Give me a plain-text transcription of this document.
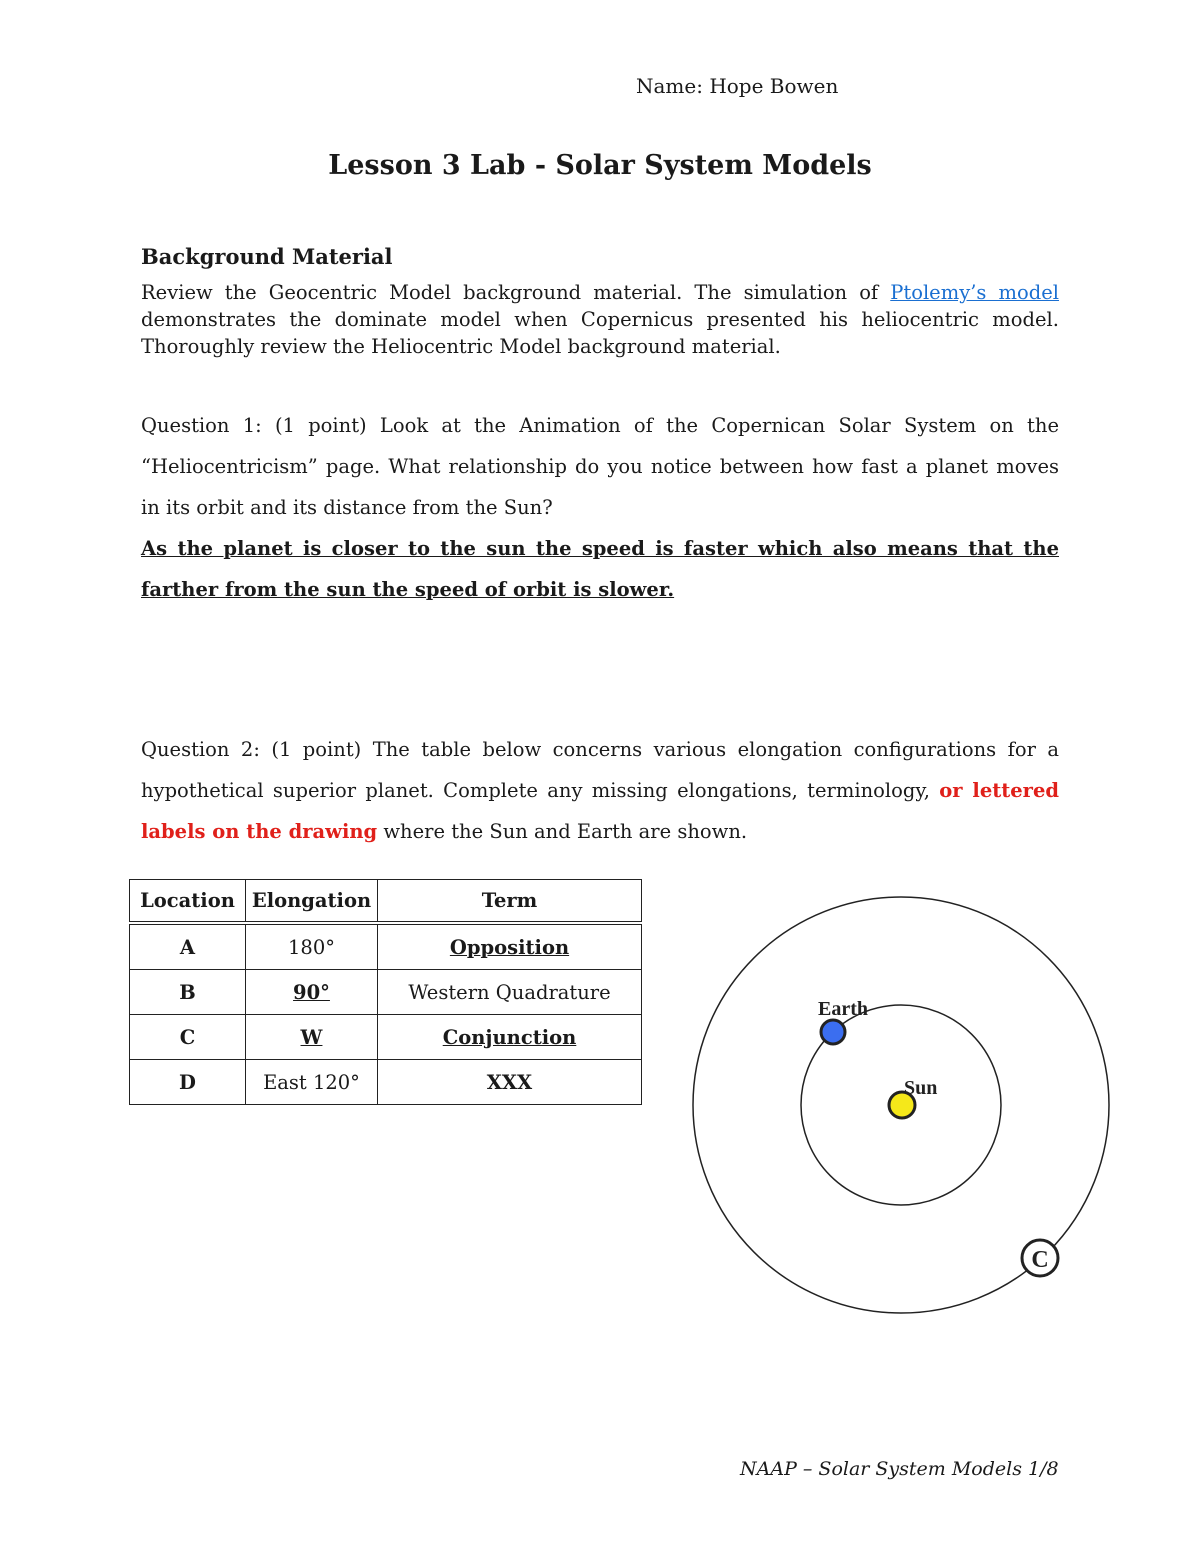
Name: Hope Bowen
Lesson 3 Lab - Solar System Models
Background Material
Review the Geocentric Model background material. The simulation of Ptolemy’s model demonstrates the dominate model when Copernicus presented his heliocentric model. Thoroughly review the Heliocentric Model background material.
Question 1: (1 point) Look at the Animation of the Copernican Solar System on the “Heliocentricism” page. What relationship do you notice between how fast a planet moves in its orbit and its distance from the Sun?
As the planet is closer to the sun the speed is faster which also means that the farther from the sun the speed of orbit is slower.
Question 2: (1 point) The table below concerns various elongation configurations for a hypothetical superior planet. Complete any missing elongations, terminology, or lettered labels on the drawing where the Sun and Earth are shown.
Location	Elongation	Term
A	180°	Opposition
B	90°	Western Quadrature
C	W	Conjunction
D	East 120°	XXX	Sun
Earth
C
NAAP – Solar System Models 1/8
